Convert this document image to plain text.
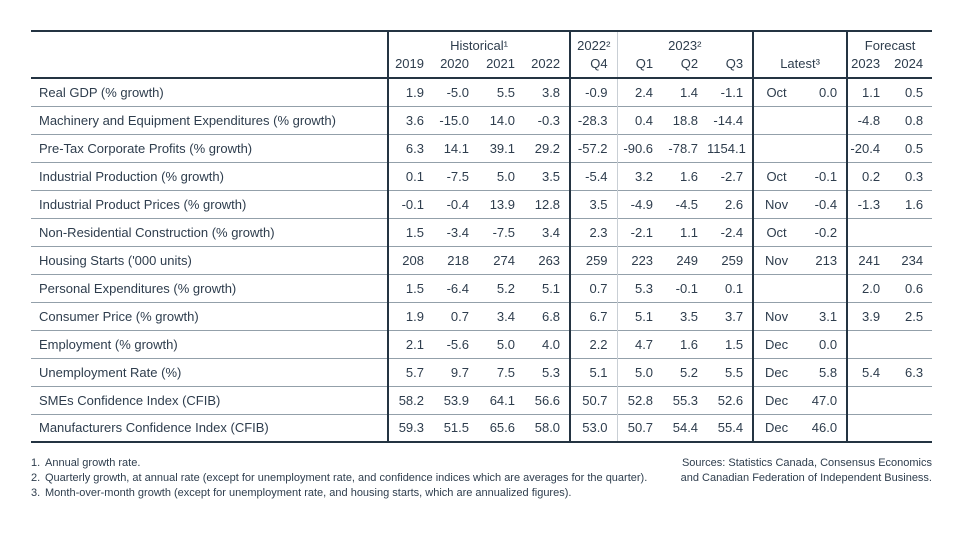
	Historical¹				2022²	2023²			Latest³		Forecast	
	2019	2020	2021	2022	Q4	Q1	Q2	Q3			2023	2024
Real GDP (% growth)	1.9	-5.0	5.5	3.8	-0.9	2.4	1.4	-1.1	Oct	0.0	1.1	0.5
Machinery and Equipment Expenditures (% growth)	3.6	-15.0	14.0	-0.3	-28.3	0.4	18.8	-14.4			-4.8	0.8
Pre-Tax Corporate Profits (% growth)	6.3	14.1	39.1	29.2	-57.2	-90.6	-78.7	1154.1			-20.4	0.5
Industrial Production (% growth)	0.1	-7.5	5.0	3.5	-5.4	3.2	1.6	-2.7	Oct	-0.1	0.2	0.3
Industrial Product Prices (% growth)	-0.1	-0.4	13.9	12.8	3.5	-4.9	-4.5	2.6	Nov	-0.4	-1.3	1.6
Non-Residential Construction (% growth)	1.5	-3.4	-7.5	3.4	2.3	-2.1	1.1	-2.4	Oct	-0.2		
Housing Starts ('000 units)	208	218	274	263	259	223	249	259	Nov	213	241	234
Personal Expenditures (% growth)	1.5	-6.4	5.2	5.1	0.7	5.3	-0.1	0.1			2.0	0.6
Consumer Price (% growth)	1.9	0.7	3.4	6.8	6.7	5.1	3.5	3.7	Nov	3.1	3.9	2.5
Employment (% growth)	2.1	-5.6	5.0	4.0	2.2	4.7	1.6	1.5	Dec	0.0		
Unemployment Rate (%)	5.7	9.7	7.5	5.3	5.1	5.0	5.2	5.5	Dec	5.8	5.4	6.3
SMEs Confidence Index (CFIB)	58.2	53.9	64.1	56.6	50.7	52.8	55.3	52.6	Dec	47.0		
Manufacturers Confidence Index (CFIB)	59.3	51.5	65.6	58.0	53.0	50.7	54.4	55.4	Dec	46.0		
1. Annual growth rate.
2. Quarterly growth, at annual rate (except for unemployment rate, and confidence indices which are averages for the quarter).
3. Month-over-month growth (except for unemployment rate, and housing starts, which are annualized figures).
Sources: Statistics Canada, Consensus Economics
and Canadian Federation of Independent Business.
